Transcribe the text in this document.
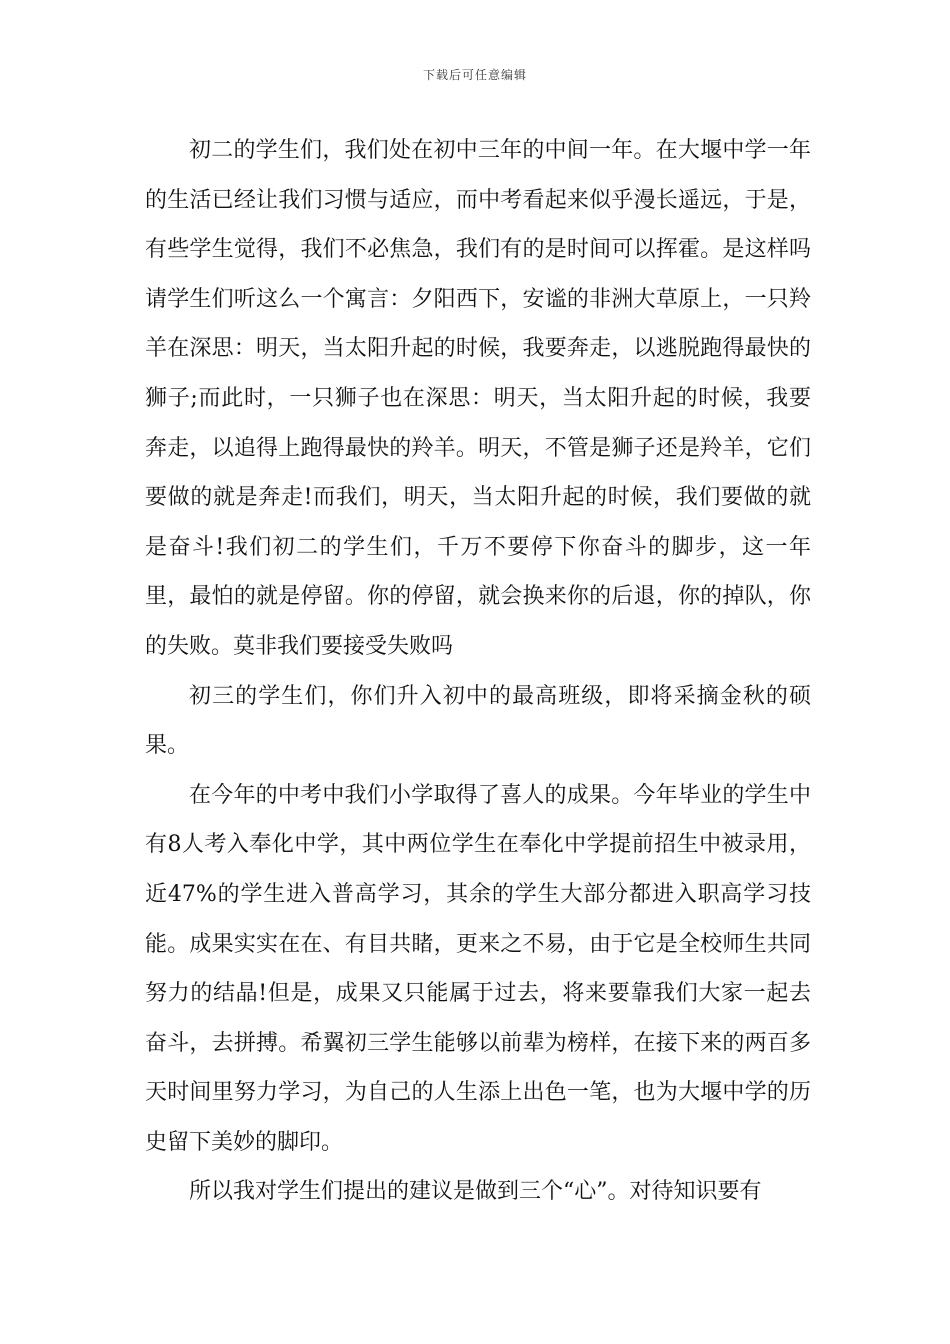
下载后可任意编辑

初二的学生们，我们处在初中三年的中间一年。在大堰中学一年的生活已经让我们习惯与适应，而中考看起来似乎漫长遥远，于是，有些学生觉得，我们不必焦急，我们有的是时间可以挥霍。是这样吗请学生们听这么一个寓言：夕阳西下，安谧的非洲大草原上，一只羚羊在深思：明天，当太阳升起的时候，我要奔走，以逃脱跑得最快的狮子;而此时，一只狮子也在深思：明天，当太阳升起的时候，我要奔走，以追得上跑得最快的羚羊。明天，不管是狮子还是羚羊，它们要做的就是奔走!而我们，明天，当太阳升起的时候，我们要做的就是奋斗!我们初二的学生们，千万不要停下你奋斗的脚步，这一年里，最怕的就是停留。你的停留，就会换来你的后退，你的掉队，你的失败。莫非我们要接受失败吗

初三的学生们，你们升入初中的最高班级，即将采摘金秋的硕果。

在今年的中考中我们小学取得了喜人的成果。今年毕业的学生中有8人考入奉化中学，其中两位学生在奉化中学提前招生中被录用，近47%的学生进入普高学习，其余的学生大部分都进入职高学习技能。成果实实在在、有目共睹，更来之不易，由于它是全校师生共同努力的结晶!但是，成果又只能属于过去，将来要靠我们大家一起去奋斗，去拼搏。希翼初三学生能够以前辈为榜样，在接下来的两百多天时间里努力学习，为自己的人生添上出色一笔，也为大堰中学的历史留下美妙的脚印。

所以我对学生们提出的建议是做到三个“心”。对待知识要有
